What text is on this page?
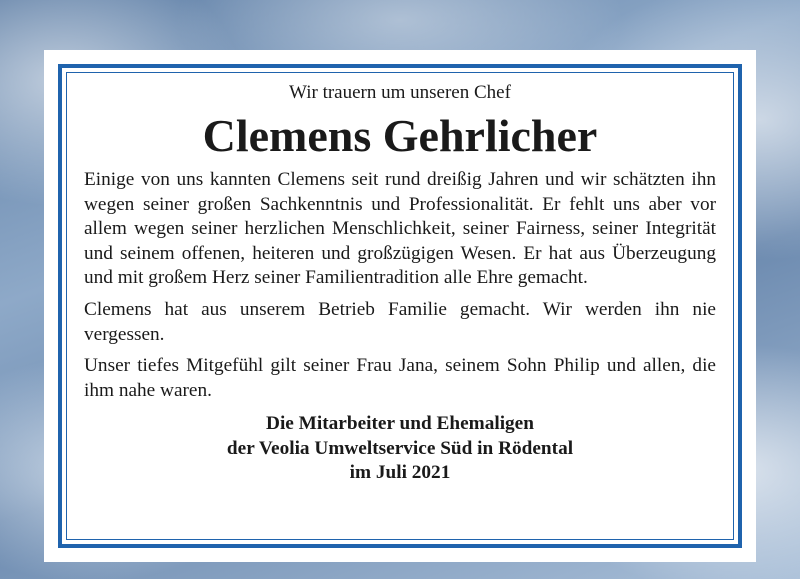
Wir trauern um unseren Chef

Clemens Gehrlicher

Einige von uns kannten Clemens seit rund dreißig Jahren und wir schätzten ihn wegen seiner großen Sachkenntnis und Professionalität. Er fehlt uns aber vor allem wegen seiner herzlichen Menschlichkeit, seiner Fairness, seiner Integrität und seinem offenen, heiteren und großzügigen Wesen. Er hat aus Überzeugung und mit großem Herz seiner Familientradition alle Ehre gemacht.

Clemens hat aus unserem Betrieb Familie gemacht. Wir werden ihn nie vergessen.

Unser tiefes Mitgefühl gilt seiner Frau Jana, seinem Sohn Philip und allen, die ihm nahe waren.

Die Mitarbeiter und Ehemaligen
der Veolia Umweltservice Süd in Rödental
im Juli 2021
